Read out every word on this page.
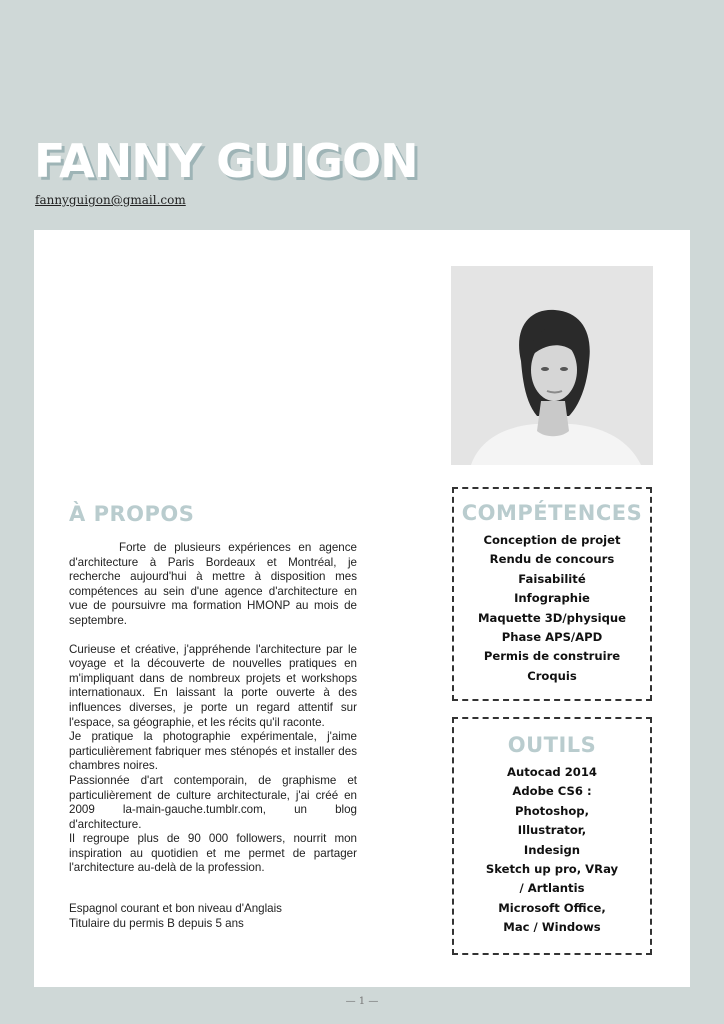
FANNY GUIGON
fannyguigon@gmail.com
À PROPOS

Forte de plusieurs expériences en agence d'architecture à Paris Bordeaux et Montréal, je recherche aujourd'hui à mettre à disposition mes compétences au sein d'une agence d'architecture en vue de poursuivre ma formation HMONP au mois de septembre.

Curieuse et créative, j'appréhende l'architecture par le voyage et la découverte de nouvelles pratiques en m'impliquant dans de nombreux projets et workshops internationaux. En laissant la porte ouverte à des influences diverses, je porte un regard attentif sur l'espace, sa géographie, et les récits qu'il raconte.

Je pratique la photographie expérimentale, j'aime particulièrement fabriquer mes sténopés et installer des chambres noires.

Passionnée d'art contemporain, de graphisme et particulièrement de culture architecturale, j'ai créé en 2009 la-main-gauche.tumblr.com, un blog d'architecture.

Il regroupe plus de 90 000 followers, nourrit mon inspiration au quotidien et me permet de partager l'architecture au-delà de la profession.

Espagnol courant et bon niveau d'Anglais

Titulaire du permis B depuis 5 ans

COMPÉTENCES
Conception de projet
Rendu de concours
Faisabilité
Infographie
Maquette 3D/physique
Phase APS/APD
Permis de construire
Croquis
OUTILS
Autocad 2014
Adobe CS6 :
Photoshop,
Illustrator,
Indesign
Sketch up pro, VRay
/ Artlantis
Microsoft Office,
Mac / Windows
— 1 —
